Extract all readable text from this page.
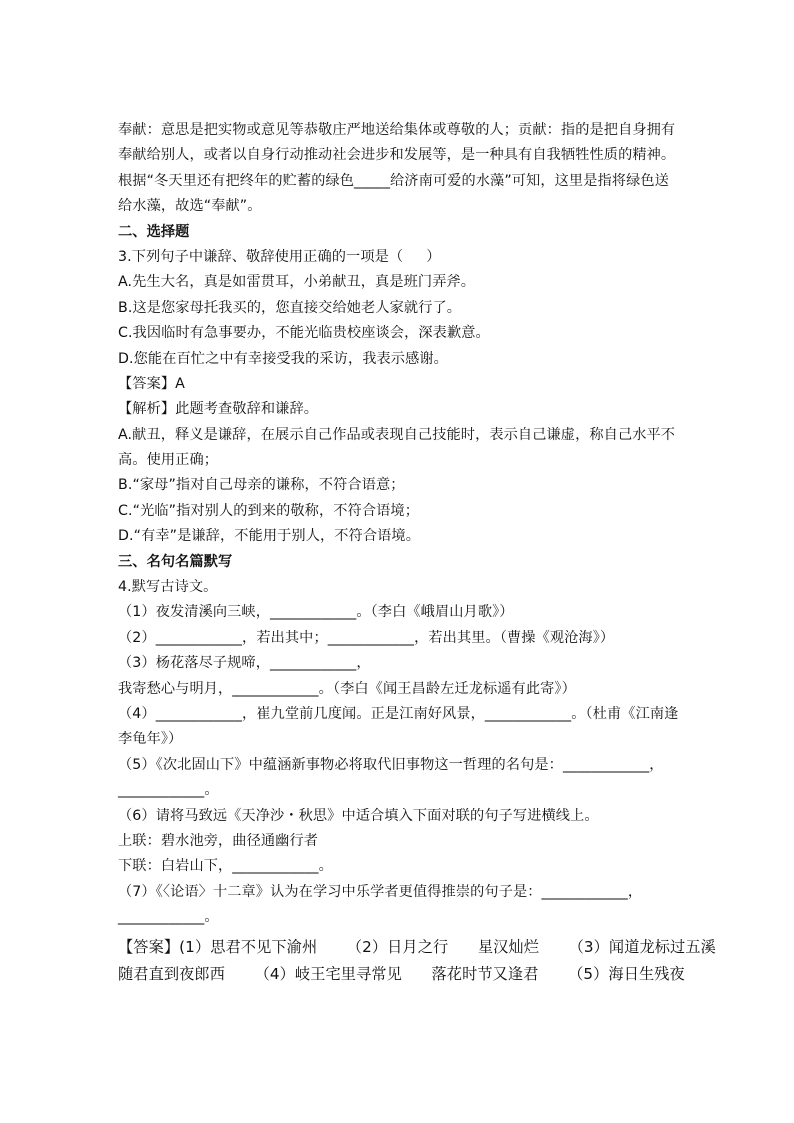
奉献：意思是把实物或意见等恭敬庄严地送给集体或尊敬的人；贡献：指的是把自身拥有
奉献给别人，或者以自身行动推动社会进步和发展等，是一种具有自我牺牲性质的精神。
根据“冬天里还有把终年的贮蓄的绿色_____给济南可爱的水藻”可知，这里是指将绿色送
给水藻，故选“奉献”。
二、选择题
3.下列句子中谦辞、敬辞使用正确的一项是（     ）
A.先生大名，真是如雷贯耳，小弟献丑，真是班门弄斧。
B.这是您家母托我买的，您直接交给她老人家就行了。
C.我因临时有急事要办，不能光临贵校座谈会，深表歉意。
D.您能在百忙之中有幸接受我的采访，我表示感谢。
【答案】A
【解析】此题考查敬辞和谦辞。
A.献丑，释义是谦辞，在展示自己作品或表现自己技能时，表示自己谦虚，称自己水平不
高。使用正确；
B.“家母”指对自己母亲的谦称，不符合语意；
C.“光临”指对别人的到来的敬称，不符合语境；
D.“有幸”是谦辞，不能用于别人，不符合语境。
三、名句名篇默写
4.默写古诗文。
（1）夜发清溪向三峡，____________。（李白《峨眉山月歌》）
（2）____________，若出其中；____________，若出其里。（曹操《观沧海》）
（3）杨花落尽子规啼，____________，
我寄愁心与明月，____________。（李白《闻王昌龄左迁龙标遥有此寄》）
（4）____________，崔九堂前几度闻。正是江南好风景，____________。（杜甫《江南逢
李龟年》）
（5）《次北固山下》中蕴涵新事物必将取代旧事物这一哲理的名句是：____________，
____________。
（6）请将马致远《天净沙・秋思》中适合填入下面对联的句子写进横线上。
上联：碧水池旁，曲径通幽行者
下联：白岩山下，____________。
（7）《〈论语〉十二章》认为在学习中乐学者更值得推崇的句子是：____________，
____________。
【答案】(1）思君不见下渝州      （2）日月之行      星汉灿烂      （3）闻道龙标过五溪
随君直到夜郎西      （4）岐王宅里寻常见      落花时节又逢君      （5）海日生残夜
